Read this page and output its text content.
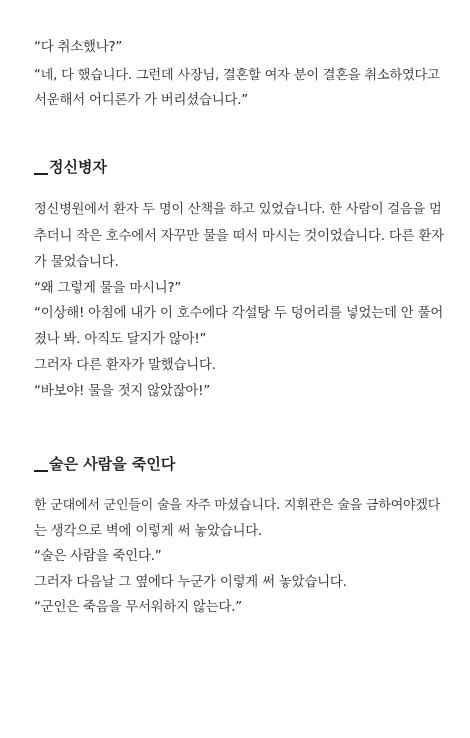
“다 취소했나?”
“네, 다 했습니다. 그런데 사장님, 결혼할 여자 분이 결혼을 취소하였다고
서운해서 어디론가 가 버리셨습니다.”
정신병자
정신병원에서 환자 두 명이 산책을 하고 있었습니다. 한 사람이 걸음을 멈
추더니 작은 호수에서 자꾸만 물을 떠서 마시는 것이었습니다. 다른 환자
가 물었습니다.
“왜 그렇게 물을 마시니?”
“이상해! 아침에 내가 이 호수에다 각설탕 두 덩어리를 넣었는데 안 풀어
졌나 봐. 아직도 달지가 않아!”
그러자 다른 환자가 말했습니다.
“바보야! 물을 젓지 않았잖아!”
술은 사람을 죽인다
한 군대에서 군인들이 술을 자주 마셨습니다. 지휘관은 술을 금하여야겠다
는 생각으로 벽에 이렇게 써 놓았습니다.
“술은 사람을 죽인다.”
그러자 다음날 그 옆에다 누군가 이렇게 써 놓았습니다.
“군인은 죽음을 무서워하지 않는다.”
